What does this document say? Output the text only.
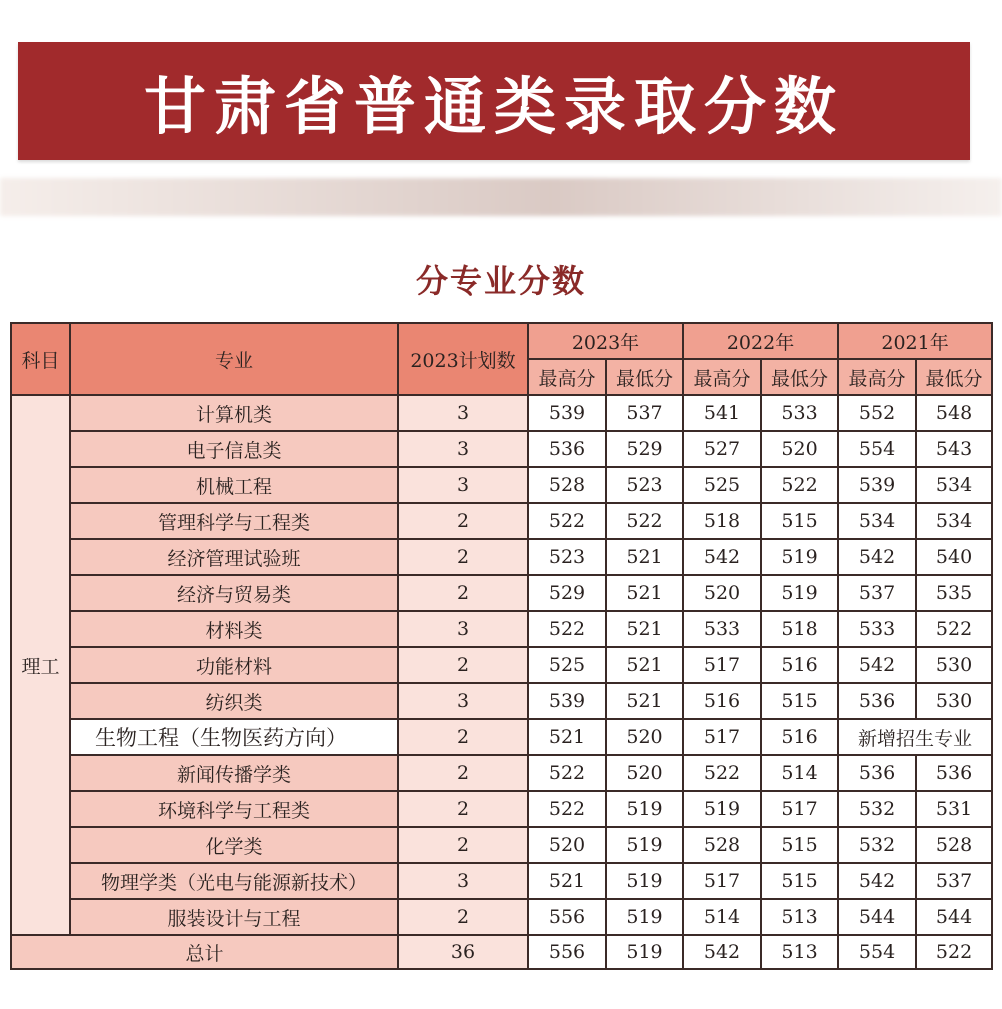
甘肃省普通类录取分数
分专业分数
科目	专业	2023计划数	2023年		2022年		2021年	
			最高分	最低分	最高分	最低分	最高分	最低分
理工	计算机类	3	539	537	541	533	552	548
	电子信息类	3	536	529	527	520	554	543
	机械工程	3	528	523	525	522	539	534
	管理科学与工程类	2	522	522	518	515	534	534
	经济管理试验班	2	523	521	542	519	542	540
	经济与贸易类	2	529	521	520	519	537	535
	材料类	3	522	521	533	518	533	522
	功能材料	2	525	521	517	516	542	530
	纺织类	3	539	521	516	515	536	530
	生物工程（生物医药方向）	2	521	520	517	516	新增招生专业	
	新闻传播学类	2	522	520	522	514	536	536
	环境科学与工程类	2	522	519	519	517	532	531
	化学类	2	520	519	528	515	532	528
	物理学类（光电与能源新技术）	3	521	519	517	515	542	537
	服装设计与工程	2	556	519	514	513	544	544
总计		36	556	519	542	513	554	522
